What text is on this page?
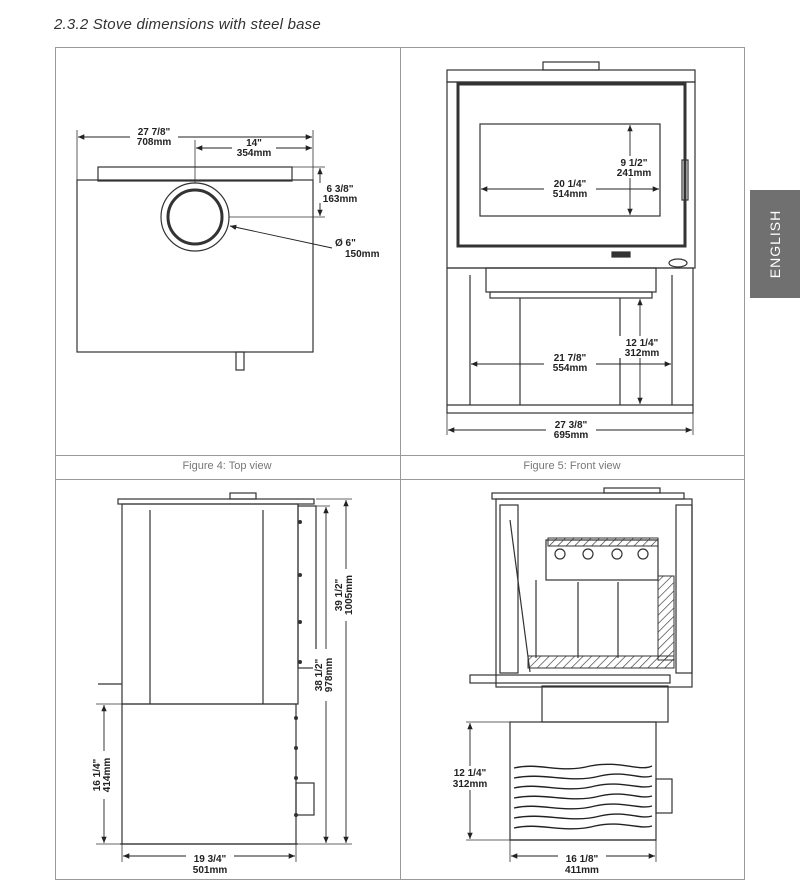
2.3.2 Stove dimensions with steel base
Figure 4: Top view	Figure 5: Front view
ENGLISH
27 7/8"
708mm	14"
354mm
6 3/8"
163mm
Ø 6"
150mm
9 1/2"
241mm
20 1/4"
514mm
12 1/4"
312mm
21 7/8"
554mm
27 3/8"
695mm
39 1/2" 1005mm
38 1/2" 978mm
16 1/4" 414mm
19 3/4"
501mm
12 1/4"
312mm
16 1/8"
411mm
